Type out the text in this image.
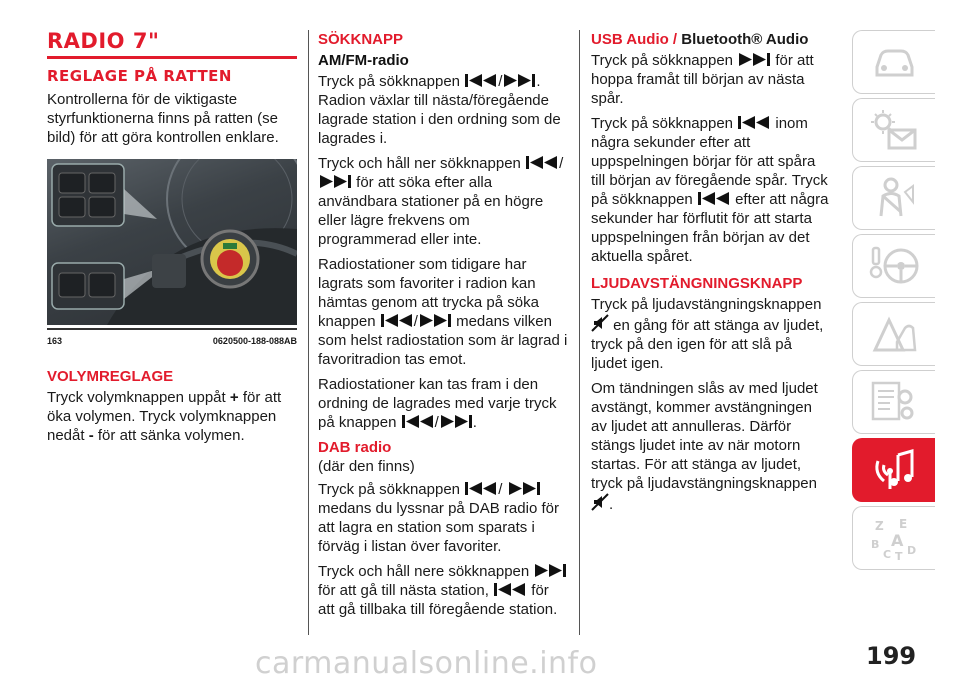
RADIO 7"
REGLAGE PÅ RATTEN

Kontrollerna för de viktigaste styrfunktionerna finns på ratten (se bild) för att göra kontrollen enklare.

163	0620500-188-088AB
VOLYMREGLAGE

Tryck volymknappen uppåt + för att öka volymen. Tryck volymknappen nedåt - för att sänka volymen.

SÖKKNAPP
AM/FM-radio

Tryck på sökknappen	/ . Radion växlar till nästa/föregående lagrade station i den ordning som de lagrades i.

Tryck och håll ner sökknappen	/
för att söka efter alla användbara stationer på en högre eller lägre frekvens om programmerad eller inte.

Radiostationer som tidigare har lagrats som favoriter i radion kan hämtas genom att trycka på söka knappen	/	medans vilken som helst radiostation som är lagrad i favoritradion tas emot.

Radiostationer kan tas fram i den ordning de lagrades med varje tryck på knappen	/ .

DAB radio
(där den finns)

Tryck på sökknappen	/
medans du lyssnar på DAB radio för att lagra en station som sparats i förväg i listan över favoriter.

Tryck och håll nere sökknappen
för att gå till nästa station,	för att gå tillbaka till föregående station.

USB Audio / Bluetooth® Audio

Tryck på sökknappen	för att hoppa framåt till början av nästa spår.

Tryck på sökknappen	inom några sekunder efter att uppspelningen börjar för att spåra till början av föregående spår. Tryck på sökknappen	efter att några sekunder har förflutit för att starta uppspelningen från början av det aktuella spåret.

LJUDAVSTÄNGNINGSKNAPP

Tryck på ljudavstängningsknappen
en gång för att stänga av ljudet, tryck på den igen för att slå på ljudet igen.

Om tändningen slås av med ljudet avstängt, kommer avstängningen av ljudet att annulleras. Därför stängs ljudet inte av när motorn startas. För att stänga av ljudet, tryck på ljudavstängningsknappen
.

Z E
B A
D
C T
199
carmanualsonline.info
